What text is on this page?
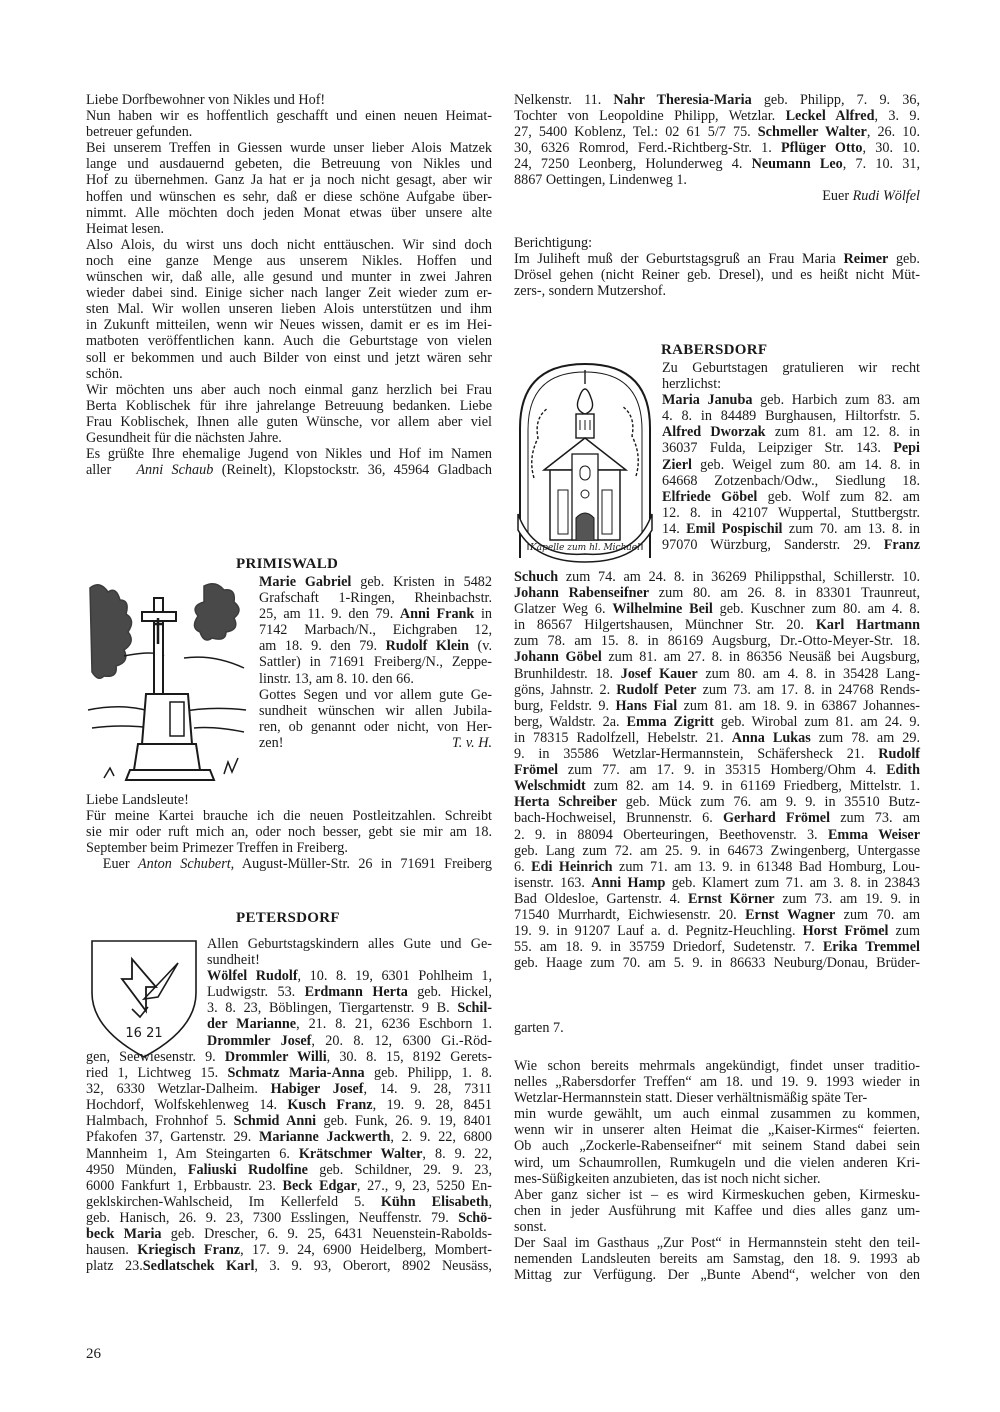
Liebe Dorfbewohner von Nikles und Hof!
Nun haben wir es hoffentlich geschafft und einen neuen Heimat-
betreuer gefunden.
Bei unserem Treffen in Giessen wurde unser lieber Alois Matzek
lange und ausdauernd gebeten, die Betreuung von Nikles und
Hof zu übernehmen. Ganz Ja hat er ja noch nicht gesagt, aber wir
hoffen und wünschen es sehr, daß er diese schöne Aufgabe über-
nimmt. Alle möchten doch jeden Monat etwas über unsere alte
Heimat lesen.
Also Alois, du wirst uns doch nicht enttäuschen. Wir sind doch
noch eine ganze Menge aus unserem Nikles. Hoffen und
wünschen wir, daß alle, alle gesund und munter in zwei Jahren
wieder dabei sind. Einige sicher nach langer Zeit wieder zum er-
sten Mal. Wir wollen unseren lieben Alois unterstützen und ihm
in Zukunft mitteilen, wenn wir Neues wissen, damit er es im Hei-
matboten veröffentlichen kann. Auch die Geburtstage von vielen
soll er bekommen und auch Bilder von einst und jetzt wären sehr
schön.
Wir möchten uns aber auch noch einmal ganz herzlich bei Frau
Berta Koblischek für ihre jahrelange Betreuung bedanken. Liebe
Frau Koblischek, Ihnen alle guten Wünsche, vor allem aber viel
Gesundheit für die nächsten Jahre.
Es grüßte Ihre ehemalige Jugend von Nikles und Hof im Namen
aller Anni Schaub (Reinelt), Klopstockstr. 36, 45964 Gladbach
PRIMISWALD
Marie Gabriel geb. Kristen in 5482
Grafschaft 1-Ringen, Rheinbachstr.
25, am 11. 9. den 79. Anni Frank in
7142 Marbach/N., Eichgraben 12,
am 18. 9. den 79. Rudolf Klein (v.
Sattler) in 71691 Freiberg/N., Zeppe-
linstr. 13, am 8. 10. den 66.
Gottes Segen und vor allem gute Ge-
sundheit wünschen wir allen Jubila-
ren, ob genannt oder nicht, von Her-
zen!	T. v. H.
Liebe Landsleute!
Für meine Kartei brauche ich die neuen Postleitzahlen. Schreibt
sie mir oder ruft mich an, oder noch besser, gebt sie mir am 18.
September beim Primezer Treffen in Freiberg.
Euer Anton Schubert, August-Müller-Str. 26 in 71691 Freiberg
PETERSDORF
16 21
Allen Geburtstagskindern alles Gute und Ge-
sundheit!
Wölfel Rudolf, 10. 8. 19, 6301 Pohlheim 1,
Ludwigstr. 53. Erdmann Herta geb. Hickel,
3. 8. 23, Böblingen, Tiergartenstr. 9 B. Schil-
der Marianne, 21. 8. 21, 6236 Eschborn 1.
Drommler Josef, 20. 8. 12, 6300 Gi.-Röd-
gen, Seewiesenstr. 9. Drommler Willi, 30. 8. 15, 8192 Gerets-
ried 1, Lichtweg 15. Schmatz Maria-Anna geb. Philipp, 1. 8.
32, 6330 Wetzlar-Dalheim. Habiger Josef, 14. 9. 28, 7311
Hochdorf, Wolfskehlenweg 14. Kusch Franz, 19. 9. 28, 8451
Halmbach, Frohnhof 5. Schmid Anni geb. Funk, 26. 9. 19, 8401
Pfakofen 37, Gartenstr. 29. Marianne Jackwerth, 2. 9. 22, 6800
Mannheim 1, Am Steingarten 6. Krätschmer Walter, 8. 9. 22,
4950 Münden, Faliuski Rudolfine geb. Schildner, 29. 9. 23,
6000 Fankfurt 1, Erbbaustr. 23. Beck Edgar, 27., 9, 23, 5250 En-
geklskirchen-Wahlscheid, Im Kellerfeld 5. Kühn Elisabeth,
geb. Hanisch, 26. 9. 23, 7300 Esslingen, Neuffenstr. 79. Schö-
beck Maria geb. Drescher, 6. 9. 25, 6431 Neuenstein-Rabolds-
hausen. Kriegisch Franz, 17. 9. 24, 6900 Heidelberg, Mombert-
platz 23.Sedlatschek Karl, 3. 9. 93, Oberort, 8902 Neusäss,
26
Nelkenstr. 11. Nahr Theresia-Maria geb. Philipp, 7. 9. 36,
Tochter von Leopoldine Philipp, Wetzlar. Leckel Alfred, 3. 9.
27, 5400 Koblenz, Tel.: 02 61 5/7 75. Schmeller Walter, 26. 10.
30, 6326 Romrod, Ferd.-Richtberg-Str. 1. Pflüger Otto, 30. 10.
24, 7250 Leonberg, Holunderweg 4. Neumann Leo, 7. 10. 31,
8867 Oettingen, Lindenweg 1.
Euer Rudi Wölfel
Berichtigung:
Im Juliheft muß der Geburtstagsgruß an Frau Maria Reimer geb.
Drösel gehen (nicht Reiner geb. Dresel), und es heißt nicht Müt-
zers-, sondern Mutzershof.
RABERSDORF
Kapelle zum hl. Michael
Zu Geburtstagen gratulieren wir recht
herzlichst:
Maria Januba geb. Harbich zum 83. am
4. 8. in 84489 Burghausen, Hiltorfstr. 5.
Alfred Dworzak zum 81. am 12. 8. in
36037 Fulda, Leipziger Str. 143. Pepi
Zierl geb. Weigel zum 80. am 14. 8. in
64668 Zotzenbach/Odw., Siedlung 18.
Elfriede Göbel geb. Wolf zum 82. am
12. 8. in 42107 Wuppertal, Stuttbergstr.
14. Emil Pospischil zum 70. am 13. 8. in
97070 Würzburg, Sanderstr. 29. Franz
Schuch zum 74. am 24. 8. in 36269 Philippsthal, Schillerstr. 10.
Johann Rabenseifner zum 80. am 26. 8. in 83301 Traunreut,
Glatzer Weg 6. Wilhelmine Beil geb. Kuschner zum 80. am 4. 8.
in 86567 Hilgertshausen, Münchner Str. 20. Karl Hartmann
zum 78. am 15. 8. in 86169 Augsburg, Dr.-Otto-Meyer-Str. 18.
Johann Göbel zum 81. am 27. 8. in 86356 Neusäß bei Augsburg,
Brunhildestr. 18. Josef Kauer zum 80. am 4. 8. in 35428 Lang-
göns, Jahnstr. 2. Rudolf Peter zum 73. am 17. 8. in 24768 Rends-
burg, Feldstr. 9. Hans Fial zum 81. am 18. 9. in 63867 Johannes-
berg, Waldstr. 2a. Emma Zigritt geb. Wirobal zum 81. am 24. 9.
in 78315 Radolfzell, Hebelstr. 21. Anna Lukas zum 78. am 29.
9. in 35586 Wetzlar-Hermannstein, Schäfersheck 21. Rudolf
Frömel zum 77. am 17. 9. in 35315 Homberg/Ohm 4. Edith
Welschmidt zum 82. am 14. 9. in 61169 Friedberg, Mittelstr. 1.
Herta Schreiber geb. Mück zum 76. am 9. 9. in 35510 Butz-
bach-Hochweisel, Brunnenstr. 6. Gerhard Frömel zum 73. am
2. 9. in 88094 Oberteuringen, Beethovenstr. 3. Emma Weiser
geb. Lang zum 72. am 25. 9. in 64673 Zwingenberg, Untergasse
6. Edi Heinrich zum 71. am 13. 9. in 61348 Bad Homburg, Lou-
isenstr. 163. Anni Hamp geb. Klamert zum 71. am 3. 8. in 23843
Bad Oldesloe, Gartenstr. 4. Ernst Körner zum 73. am 19. 9. in
71540 Murrhardt, Eichwiesenstr. 20. Ernst Wagner zum 70. am
19. 9. in 91207 Lauf a. d. Pegnitz-Heuchling. Horst Frömel zum
55. am 18. 9. in 35759 Driedorf, Sudetenstr. 7. Erika Tremmel
geb. Haage zum 70. am 5. 9. in 86633 Neuburg/Donau, Brüder-
garten 7.
Wie schon bereits mehrmals angekündigt, findet unser traditio-
nelles „Rabersdorfer Treffen“ am 18. und 19. 9. 1993 wieder in
Wetzlar-Hermannstein statt. Dieser verhältnismäßig späte Ter-
min wurde gewählt, um auch einmal zusammen zu kommen,
wenn wir in unserer alten Heimat die „Kaiser-Kirmes“ feierten.
Ob auch „Zockerle-Rabenseifner“ mit seinem Stand dabei sein
wird, um Schaumrollen, Rumkugeln und die vielen anderen Kri-
mes-Süßigkeiten anzubieten, das ist noch nicht sicher.
Aber ganz sicher ist – es wird Kirmeskuchen geben, Kirmesku-
chen in jeder Ausführung mit Kaffee und dies alles ganz um-
sonst.
Der Saal im Gasthaus „Zur Post“ in Hermannstein steht den teil-
nemenden Landsleuten bereits am Samstag, den 18. 9. 1993 ab
Mittag zur Verfügung. Der „Bunte Abend“, welcher von den
